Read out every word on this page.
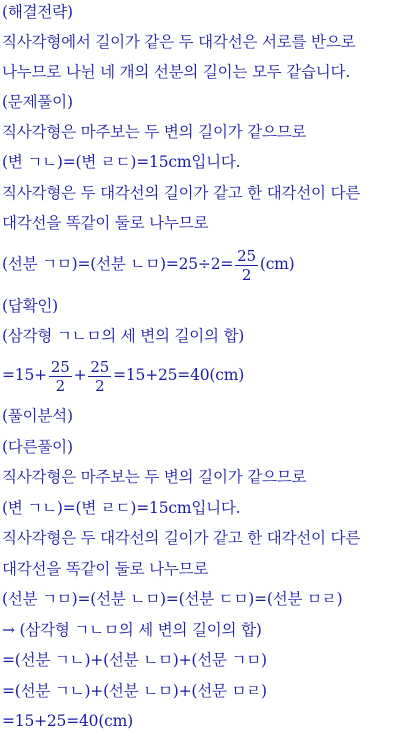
(해결전략)
직사각형에서 길이가 같은 두 대각선은 서로를 반으로
나누므로 나뉜 네 개의 선분의 길이는 모두 같습니다.
(문제풀이)
직사각형은 마주보는 두 변의 길이가 같으므로
(변 ㄱㄴ)=(변 ㄹㄷ)=15cm입니다.
직사각형은 두 대각선의 길이가 같고 한 대각선이 다른
대각선을 똑같이 둘로 나누므로
(선분 ㄱㅁ)=(선분 ㄴㅁ)$=25\div 2= \frac{25}{2} (cm)$
(답확인)
(삼각형 ㄱㄴㅁ의 세 변의 길이의 합)
$=15+ \frac{25}{2} + \frac{25}{2} =15+25=40(cm)$
(풀이분석)
(다른풀이)
직사각형은 마주보는 두 변의 길이가 같으므로
(변 ㄱㄴ)=(변 ㄹㄷ)=15cm입니다.
직사각형은 두 대각선의 길이가 같고 한 대각선이 다른
대각선을 똑같이 둘로 나누므로
(선분 ㄱㅁ)=(선분 ㄴㅁ)=(선분 ㄷㅁ)=(선분 ㅁㄹ)
→ (삼각형 ㄱㄴㅁ의 세 변의 길이의 합)
=(선분 ㄱㄴ)+(선분 ㄴㅁ)+(선문 ㄱㅁ)
=(선분 ㄱㄴ)+(선분 ㄴㅁ)+(선문 ㅁㄹ)
=15+25=40(cm)
